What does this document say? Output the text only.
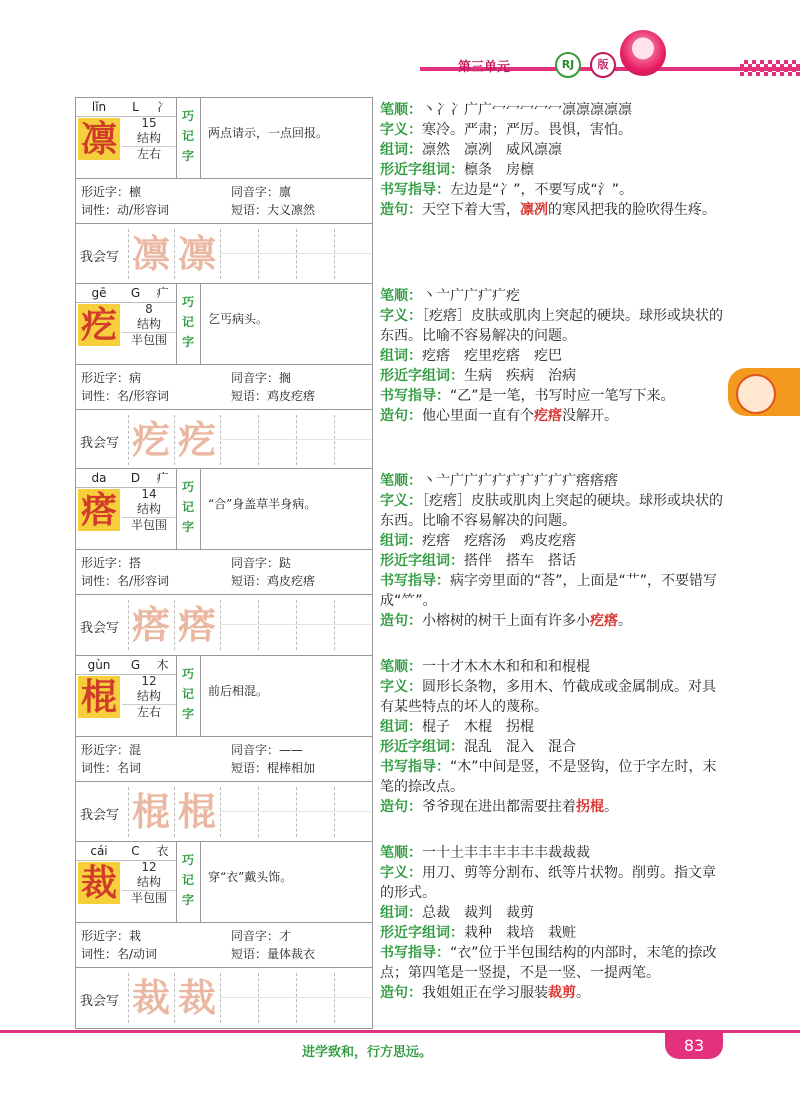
第三单元	RJ	版
lǐn	L	冫
凛	15
结构
左右
巧
记
字
两点请示，一点回报。
形近字：檩	同音字：廪
词性：动/形容词	短语：大义凛然
我会写 凛 凛
gē	G	疒
疙	8
结构
半包围
巧
记
字
乞丐病头。
形近字：病	同音字：搁
词性：名/形容词	短语：鸡皮疙瘩
我会写 疙 疙
da	D	疒
瘩	14
结构
半包围
巧
记
字
“合”身盖草半身病。
形近字：搭	同音字：跶
词性：名/形容词	短语：鸡皮疙瘩
我会写 瘩 瘩
gùn	G	木
棍	12
结构
左右
巧
记
字
前后相混。
形近字：混	同音字：——
词性：名词	短语：棍棒相加
我会写 棍 棍
cái	C	衣
裁	12
结构
半包围
巧
记
字
穿“衣”戴头饰。
形近字：栽	同音字：才
词性：名/动词	短语：量体裁衣
我会写 裁 裁

笔顺：丶冫冫广广冖冖冖冖冖凛凛凛凛凛

字义：寒冷。严肃；严厉。畏惧，害怕。

组词：凛然　凛冽　威风凛凛

形近字组词：檩条　房檩

书写指导：左边是“冫”，不要写成“氵”。

造句：天空下着大雪，凛冽的寒风把我的脸吹得生疼。

笔顺：丶亠广广疒疒疙

字义：［疙瘩］皮肤或肌肉上突起的硬块。球形或块状的东西。比喻不容易解决的问题。

组词：疙瘩　疙里疙瘩　疙巴

形近字组词：生病　疾病　治病

书写指导：“乙”是一笔，书写时应一笔写下来。

造句：他心里面一直有个疙瘩没解开。

笔顺：丶亠广广疒疒疒疒疒疒疒瘩瘩瘩

字义：［疙瘩］皮肤或肌肉上突起的硬块。球形或块状的东西。比喻不容易解决的问题。

组词：疙瘩　疙瘩汤　鸡皮疙瘩

形近字组词：搭伴　搭车　搭话

书写指导：病字旁里面的“荅”，上面是“艹”，不要错写成“⺮”。

造句：小榕树的树干上面有许多小疙瘩。

笔顺：一十才木木木和和和和棍棍

字义：圆形长条物，多用木、竹截成或金属制成。对具有某些特点的坏人的蔑称。

组词：棍子　木棍　拐棍

形近字组词：混乱　混入　混合

书写指导：“木”中间是竖，不是竖钩，位于字左时，末笔的捺改点。

造句：爷爷现在进出都需要拄着拐棍。

笔顺：一十土丰丰丰丰丰丰裁裁裁

字义：用刀、剪等分割布、纸等片状物。削剪。指文章的形式。

组词：总裁　裁判　裁剪

形近字组词：栽种　栽培　栽赃

书写指导：“衣”位于半包围结构的内部时，末笔的捺改点；第四笔是一竖提，不是一竖、一提两笔。

造句：我姐姐正在学习服装裁剪。

进学致和，行方思远。	83
